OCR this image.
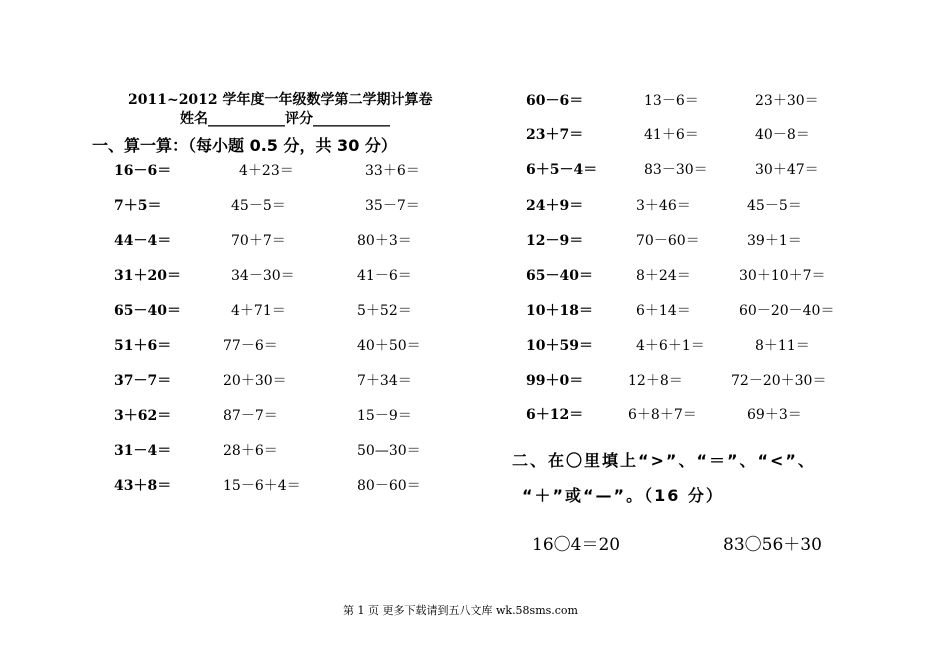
2011~2012 学年度一年级数学第二学期计算卷
姓名___________评分___________
一、算一算：（每小题 0.5 分，共 30 分）
16－6＝	4＋23＝	33＋6＝
7＋5＝	45－5＝	35－7＝
44－4＝	70＋7＝	80＋3＝
31＋20＝	34－30＝	41－6＝
65－40＝	4＋71＝	5＋52＝
51＋6＝	77－6＝	40＋50＝
37－7＝	20＋30＝	7＋34＝
3＋62＝	87－7＝	15－9＝
31－4＝	28＋6＝	50—30＝
43＋8＝	15－6＋4＝	80－60＝
60－6＝	13－6＝	23＋30＝
23＋7＝	41＋6＝	40－8＝
6＋5－4＝	83－30＝	30＋47＝
24＋9＝	3＋46＝	45－5＝
12－9＝	70－60＝	39＋1＝
65－40＝	8＋24＝	30＋10＋7＝
10＋18＝	6＋14＝	60－20－40＝
10＋59＝	4＋6＋1＝	8＋11＝
99＋0＝	12＋8＝	72－20＋30＝
6＋12＝	6＋8＋7＝	69＋3＝
二、在〇里填上“>”、“＝”、“<”、
“＋”或“—”。（16 分）
16〇4＝20	83〇56＋30
第 1 页 更多下载请到五八文库 wk.58sms.com
